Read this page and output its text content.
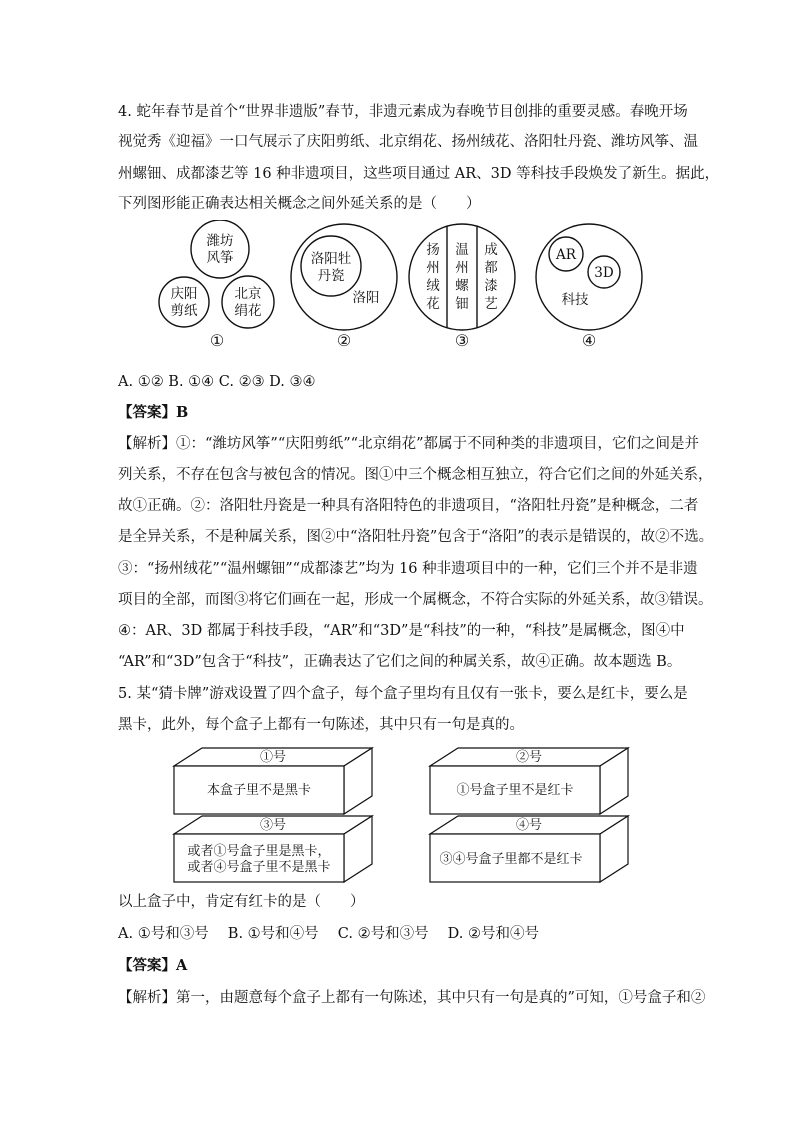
4. 蛇年春节是首个“世界非遗版”春节，非遗元素成为春晚节目创排的重要灵感。春晚开场
视觉秀《迎福》一口气展示了庆阳剪纸、北京绢花、扬州绒花、洛阳牡丹瓷、潍坊风筝、温
州螺钿、成都漆艺等 16 种非遗项目，这些项目通过 AR、3D 等科技手段焕发了新生。据此，
下列图形能正确表达相关概念之间外延关系的是（　　）
潍坊
风筝
庆阳
剪纸
北京
绢花
洛阳牡
丹瓷
洛阳
扬
州
绒
花
温
州
螺
钿
成
都
漆
艺
AR
3D
科技
①	②	③	④
A. ①② B. ①④ C. ②③ D. ③④
【答案】B
【解析】①：“潍坊风筝”“庆阳剪纸”“北京绢花”都属于不同种类的非遗项目，它们之间是并
列关系，不存在包含与被包含的情况。图①中三个概念相互独立，符合它们之间的外延关系，
故①正确。②：洛阳牡丹瓷是一种具有洛阳特色的非遗项目，“洛阳牡丹瓷”是种概念，二者
是全异关系，不是种属关系，图②中“洛阳牡丹瓷”包含于“洛阳”的表示是错误的，故②不选。
③：“扬州绒花”“温州螺钿”“成都漆艺”均为 16 种非遗项目中的一种，它们三个并不是非遗
项目的全部，而图③将它们画在一起，形成一个属概念，不符合实际的外延关系，故③错误。
④：AR、3D 都属于科技手段，“AR”和“3D”是“科技”的一种，“科技”是属概念，图④中
“AR”和“3D”包含于“科技”，正确表达了它们之间的种属关系，故④正确。故本题选 B。
5. 某“猜卡牌”游戏设置了四个盒子，每个盒子里均有且仅有一张卡，要么是红卡，要么是
黑卡，此外，每个盒子上都有一句陈述，其中只有一句是真的。
①号
本盒子里不是黑卡
②号
①号盒子里不是红卡
③号
或者①号盒子里是黑卡，
或者④号盒子里不是黑卡
④号
③④号盒子里都不是红卡
以上盒子中，肯定有红卡的是（　　）
A. ①号和③号　 B. ①号和④号　 C. ②号和③号　 D. ②号和④号
【答案】A
【解析】第一，由题意每个盒子上都有一句陈述，其中只有一句是真的”可知，①号盒子和②
